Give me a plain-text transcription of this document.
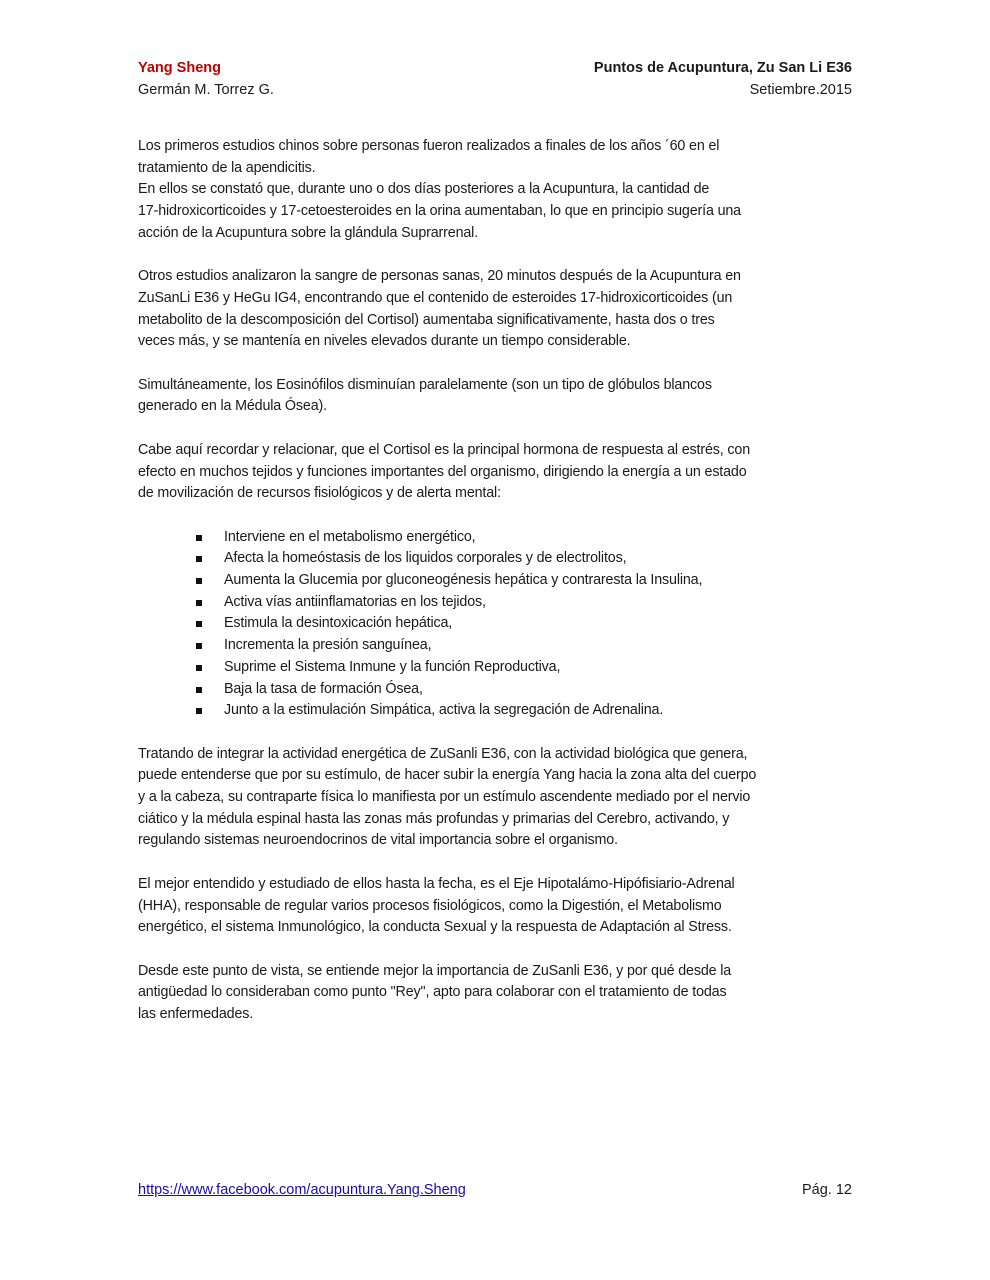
Yang Sheng	Puntos de Acupuntura, Zu San Li E36
Germán M. Torrez G.	Setiembre.2015

Los primeros estudios chinos sobre personas fueron realizados a finales de los años ´60 en el
tratamiento de la apendicitis.
En ellos se constató que, durante uno o dos días posteriores a la Acupuntura, la cantidad de
17-hidroxicorticoides y 17-cetoesteroides en la orina aumentaban, lo que en principio sugería una
acción de la Acupuntura sobre la glándula Suprarrenal.

Otros estudios analizaron la sangre de personas sanas, 20 minutos después de la Acupuntura en
ZuSanLi E36 y HeGu IG4, encontrando que el contenido de esteroides 17-hidroxicorticoides (un
metabolito de la descomposición del Cortisol) aumentaba significativamente, hasta dos o tres
veces más, y se mantenía en niveles elevados durante un tiempo considerable.

Simultáneamente, los Eosinófilos disminuían paralelamente (son un tipo de glóbulos blancos
generado en la Médula Ósea).

Cabe aquí recordar y relacionar, que el Cortisol es la principal hormona de respuesta al estrés, con
efecto en muchos tejidos y funciones importantes del organismo, dirigiendo la energía a un estado
de movilización de recursos fisiológicos y de alerta mental:

Interviene en el metabolismo energético,
Afecta la homeóstasis de los liquidos corporales y de electrolitos,
Aumenta la Glucemia por gluconeogénesis hepática y contraresta la Insulina,
Activa vías antiinflamatorias en los tejidos,
Estimula la desintoxicación hepática,
Incrementa la presión sanguínea,
Suprime el Sistema Inmune y la función Reproductiva,
Baja la tasa de formación Ósea,
Junto a la estimulación Simpática, activa la segregación de Adrenalina.

Tratando de integrar la actividad energética de ZuSanli E36, con la actividad biológica que genera,
puede entenderse que por su estímulo, de hacer subir la energía Yang hacia la zona alta del cuerpo
y a la cabeza, su contraparte física lo manifiesta por un estímulo ascendente mediado por el nervio
ciático y la médula espinal hasta las zonas más profundas y primarias del Cerebro, activando, y
regulando sistemas neuroendocrinos de vital importancia sobre el organismo.

El mejor entendido y estudiado de ellos hasta la fecha, es el Eje Hipotalámo-Hipófisiario-Adrenal
(HHA), responsable de regular varios procesos fisiológicos, como la Digestión, el Metabolismo
energético, el sistema Inmunológico, la conducta Sexual y la respuesta de Adaptación al Stress.

Desde este punto de vista, se entiende mejor la importancia de ZuSanli E36, y por qué desde la
antigüedad lo consideraban como punto "Rey", apto para colaborar con el tratamiento de todas
las enfermedades.

https://www.facebook.com/acupuntura.Yang.Sheng	Pág. 12
